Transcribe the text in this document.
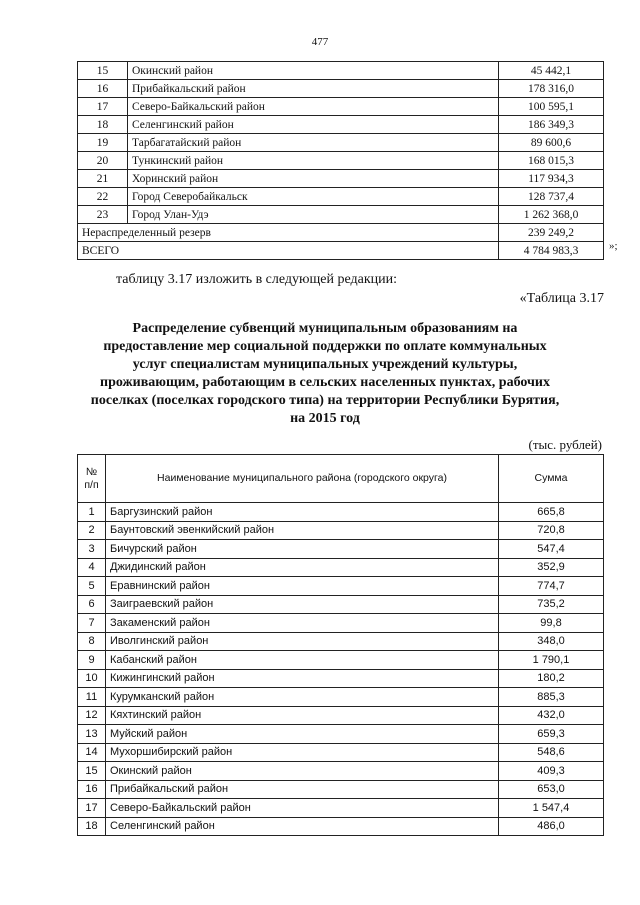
477
15	Окинский район	45 442,1
16	Прибайкальский район	178 316,0
17	Северо-Байкальский район	100 595,1
18	Селенгинский район	186 349,3
19	Тарбагатайский район	89 600,6
20	Тункинский район	168 015,3
21	Хоринский район	117 934,3
22	Город Северобайкальск	128 737,4
23	Город Улан-Удэ	1 262 368,0
Нераспределенный резерв		239 249,2
ВСЕГО		4 784 983,3	»;
таблицу 3.17 изложить в следующей редакции:
«Таблица 3.17
Распределение субвенций муниципальным образованиям на предоставление мер социальной поддержки по оплате коммунальных услуг специалистам муниципальных учреждений культуры, проживающим, работающим в сельских населенных пунктах, рабочих поселках (поселках городского типа) на территории Республики Бурятия, на 2015 год
(тыс. рублей)
№ п/п	Наименование муниципального района (городского округа)	Сумма
1	Баргузинский район	665,8
2	Баунтовский эвенкийский район	720,8
3	Бичурский район	547,4
4	Джидинский район	352,9
5	Еравнинский район	774,7
6	Заиграевский район	735,2
7	Закаменский район	99,8
8	Иволгинский район	348,0
9	Кабанский район	1 790,1
10	Кижингинский район	180,2
11	Курумканский район	885,3
12	Кяхтинский район	432,0
13	Муйский район	659,3
14	Мухоршибирский район	548,6
15	Окинский район	409,3
16	Прибайкальский район	653,0
17	Северо-Байкальский район	1 547,4
18	Селенгинский район	486,0
